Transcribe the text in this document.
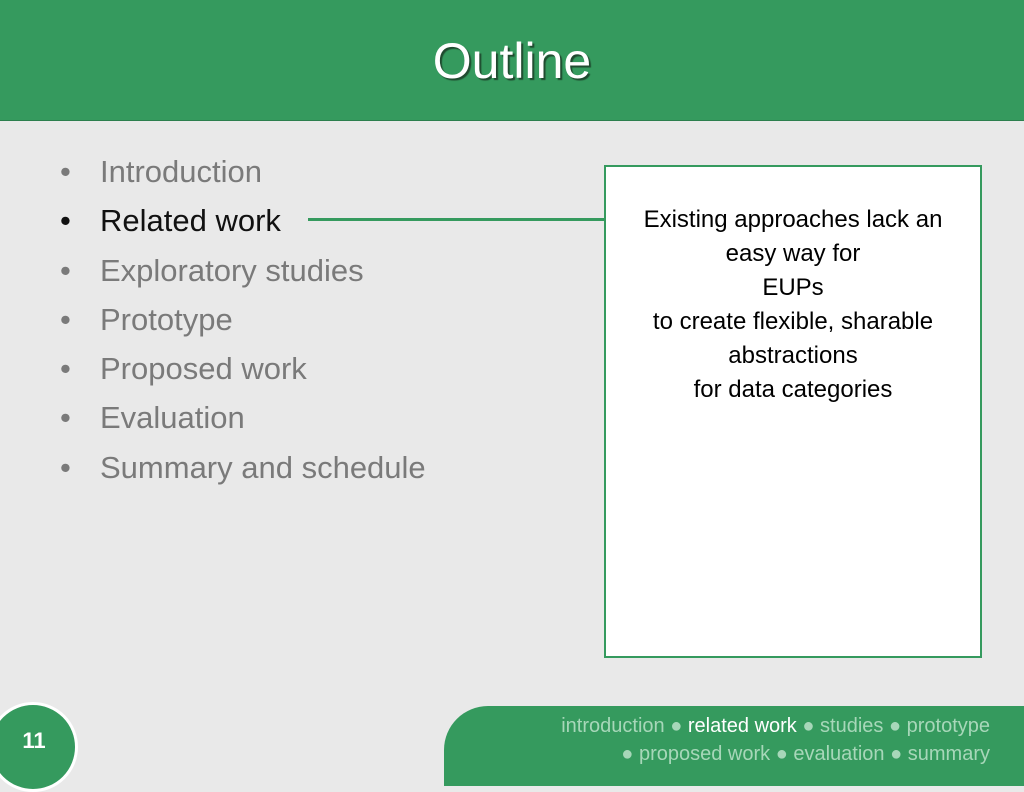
Outline
• Introduction
• Related work
• Exploratory studies
• Prototype
• Proposed work
• Evaluation
• Summary and schedule
Existing approaches lack an
easy way for
EUPs
to create flexible, sharable
abstractions
for data categories
11
introduction ● related work ● studies ● prototype
● proposed work ● evaluation ● summary
